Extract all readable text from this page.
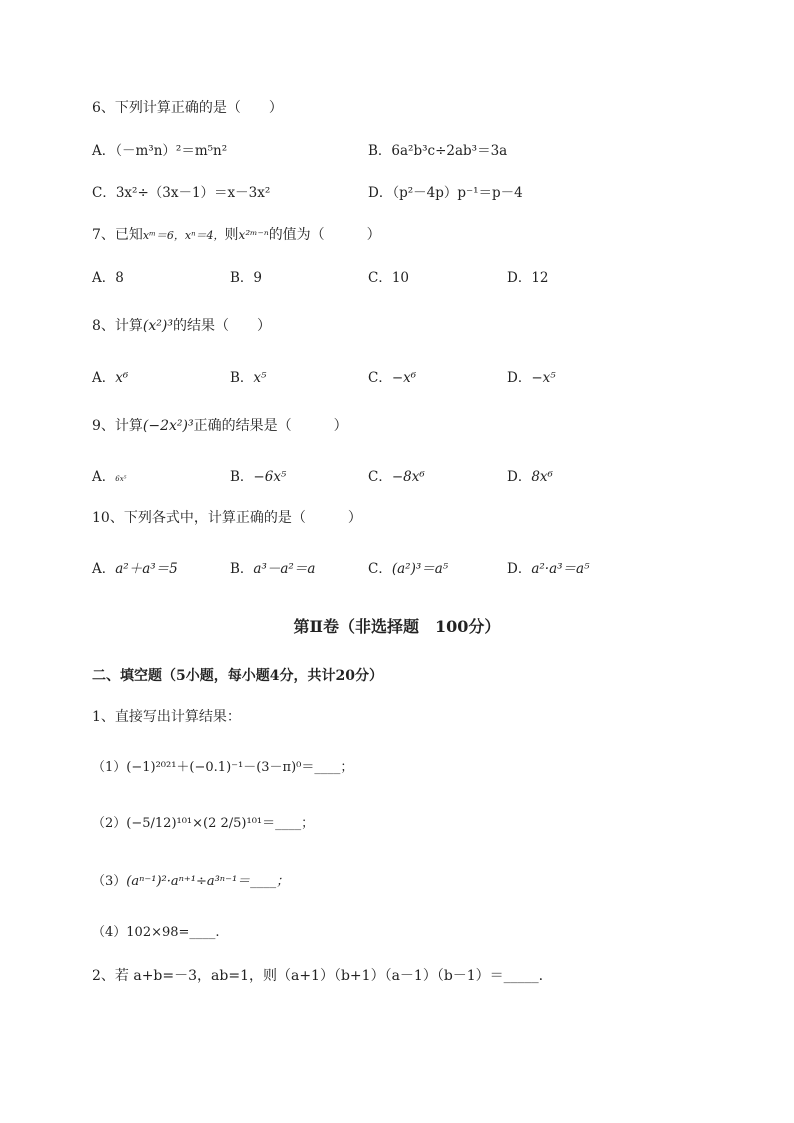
6、下列计算正确的是（　　）
A．（－m³n）²＝m⁵n²	B．6a²b³c÷2ab³＝3a
C．3x²÷（3x－1）＝x－3x²	D．（p²－4p）p⁻¹＝p－4
7、已知xᵐ＝6，xⁿ＝4，则x²ᵐ⁻ⁿ的值为（　　　）
A．8	B．9	C．10	D．12
8、计算(x²)³的结果（　　）
A．x⁶	B．x⁵	C．−x⁶	D．−x⁵
9、计算(−2x²)³正确的结果是（　　　）
A．6x⁵	B．−6x⁵	C．−8x⁶	D．8x⁶
10、下列各式中，计算正确的是（　　　）
A．a²＋a³＝5	B．a³－a²＝a	C．(a²)³＝a⁵	D．a²·a³＝a⁵
第Ⅱ卷（非选择题　100分）
二、填空题（5小题，每小题4分，共计20分）
1、直接写出计算结果：
（1）(−1)²⁰²¹＋(−0.1)⁻¹－(3－π)⁰＝____；
（2）(−5/12)¹⁰¹×(2 2/5)¹⁰¹＝____；
（3）(aⁿ⁻¹)²·aⁿ⁺¹÷a³ⁿ⁻¹＝____；
（4）102×98=____.
2、若 a+b=－3，ab=1，则（a+1）（b+1）（a－1）（b－1）＝_____.
